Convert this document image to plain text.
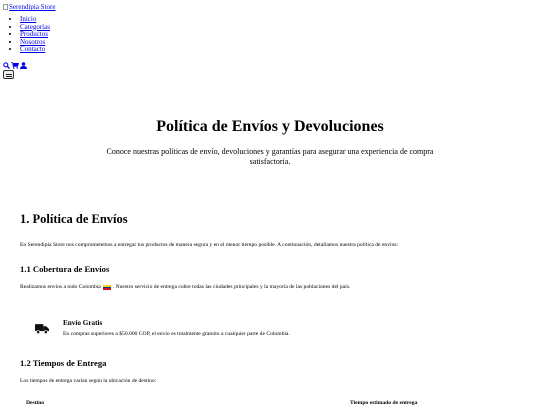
Serendipia Store
• Inicio
• Categorías
• Productos
• Nosotros
• Contacto
Política de Envíos y Devoluciones

Conoce nuestras políticas de envío, devoluciones y garantías para asegurar una experiencia de compra satisfactoria.

1. Política de Envíos

En Serendipia Store nos comprometemos a entregar tus productos de manera segura y en el menor tiempo posible. A continuación, detallamos nuestra política de envíos:

1.1 Cobertura de Envíos

Realizamos envíos a todo Colombia . Nuestro servicio de entrega cubre todas las ciudades principales y la mayoría de las poblaciones del país.

Envío Gratis

En compras superiores a $50.000 COP, el envío es totalmente gratuito a cualquier parte de Colombia.

1.2 Tiempos de Entrega

Los tiempos de entrega varían según la ubicación de destino:

Destino	Tiempo estimado de entrega
